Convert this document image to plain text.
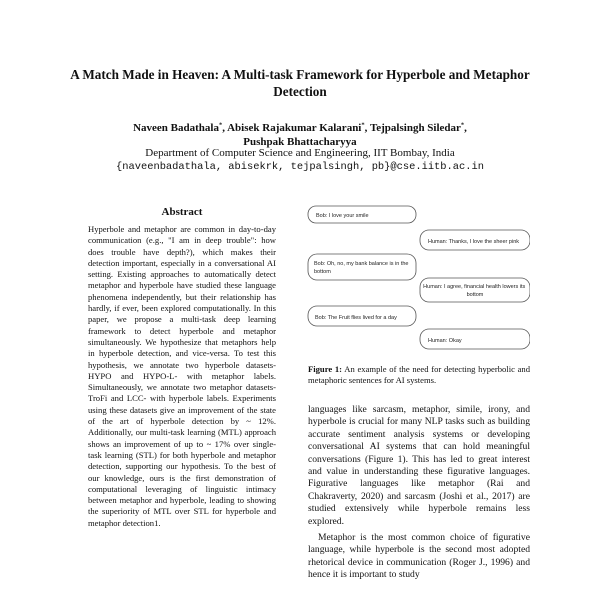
A Match Made in Heaven: A Multi-task Framework for Hyperbole and Metaphor Detection
Naveen Badathala*, Abisek Rajakumar Kalarani*, Tejpalsingh Siledar*,
Pushpak Bhattacharyya
Department of Computer Science and Engineering, IIT Bombay, India
{naveenbadathala, abisekrk, tejpalsingh, pb}@cse.iitb.ac.in
Abstract

Hyperbole and metaphor are common in day-to-day communication (e.g., "I am in deep trouble": how does trouble have depth?), which makes their detection important, especially in a conversational AI setting. Existing approaches to automatically detect metaphor and hyperbole have studied these language phenomena independently, but their relationship has hardly, if ever, been explored computationally. In this paper, we propose a multi-task deep learning framework to detect hyperbole and metaphor simultaneously. We hypothesize that metaphors help in hyperbole detection, and vice-versa. To test this hypothesis, we annotate two hyperbole datasets- HYPO and HYPO-L- with metaphor labels. Simultaneously, we annotate two metaphor datasets- TroFi and LCC- with hyperbole labels. Experiments using these datasets give an improvement of the state of the art of hyperbole detection by ~ 12%. Additionally, our multi-task learning (MTL) approach shows an improvement of up to ~ 17% over single-task learning (STL) for both hyperbole and metaphor detection, supporting our hypothesis. To the best of our knowledge, ours is the first demonstration of computational leveraging of linguistic intimacy between metaphor and hyperbole, leading to showing the superiority of MTL over STL for hyperbole and metaphor detection1.

Bob: I love your smile
Human: Thanks, I love the sheer pink
Bob: Oh, no, my bank balance is in the bottom
Human: I agree, financial health lowers its bottom
Bob: The Fruit flies lived for a day
Human: Okay
Figure 1: An example of the need for detecting hyperbolic and metaphoric sentences for AI systems.

languages like sarcasm, metaphor, simile, irony, and hyperbole is crucial for many NLP tasks such as building accurate sentiment analysis systems or developing conversational AI systems that can hold meaningful conversations (Figure 1). This has led to great interest and value in understanding these figurative languages. Figurative languages like metaphor (Rai and Chakraverty, 2020) and sarcasm (Joshi et al., 2017) are studied extensively while hyperbole remains less explored.

Metaphor is the most common choice of figurative language, while hyperbole is the second most adopted rhetorical device in communication (Roger J., 1996) and hence it is important to study
